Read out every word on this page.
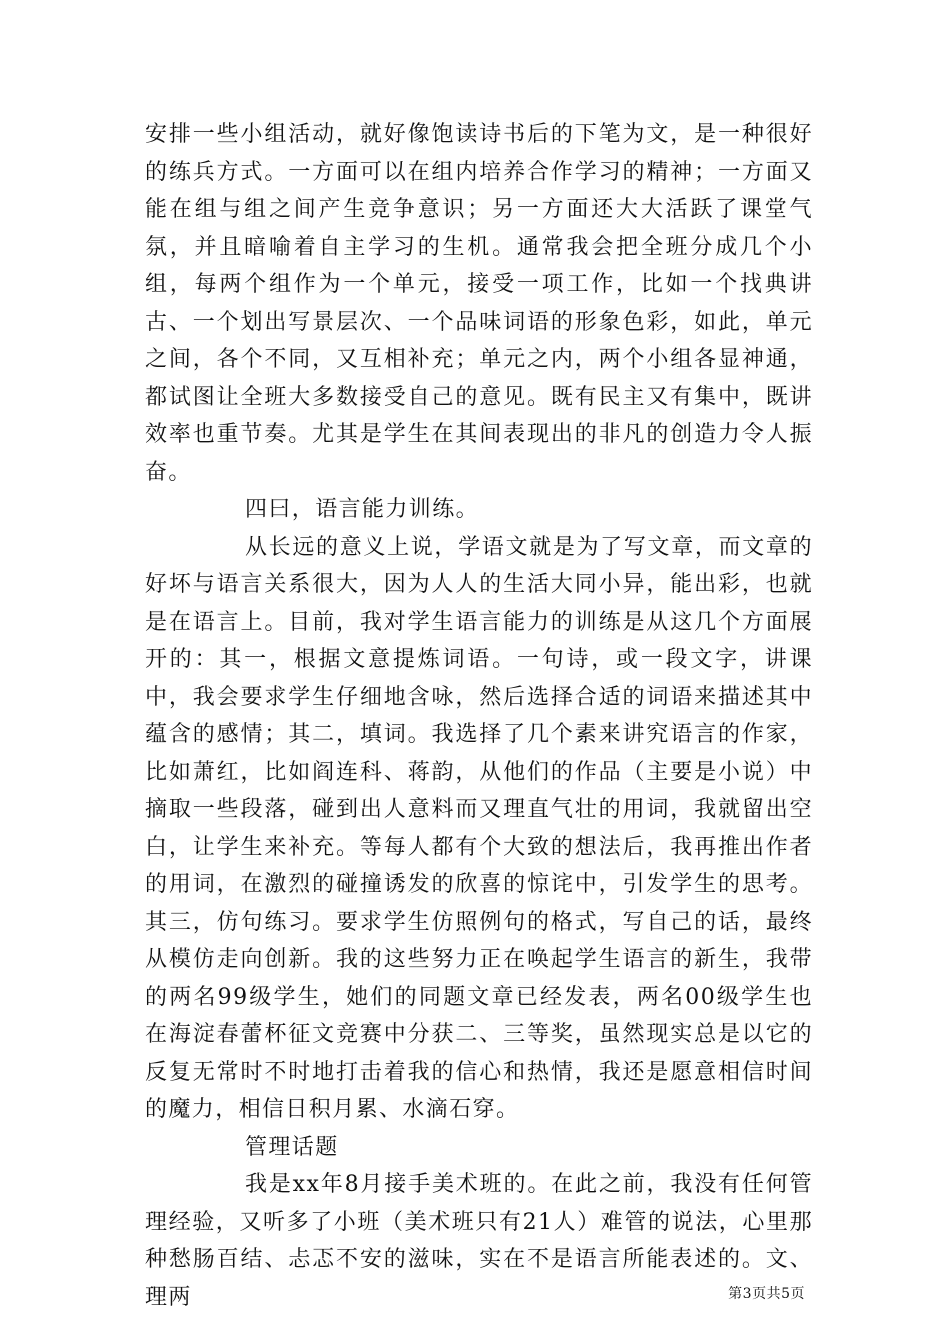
安排一些小组活动，就好像饱读诗书后的下笔为文，是一种很好的练兵方式。一方面可以在组内培养合作学习的精神；一方面又能在组与组之间产生竞争意识；另一方面还大大活跃了课堂气氛，并且暗喻着自主学习的生机。通常我会把全班分成几个小组，每两个组作为一个单元，接受一项工作，比如一个找典讲古、一个划出写景层次、一个品味词语的形象色彩，如此，单元之间，各个不同，又互相补充；单元之内，两个小组各显神通，都试图让全班大多数接受自己的意见。既有民主又有集中，既讲效率也重节奏。尤其是学生在其间表现出的非凡的创造力令人振奋。

四曰，语言能力训练。

从长远的意义上说，学语文就是为了写文章，而文章的好坏与语言关系很大，因为人人的生活大同小异，能出彩，也就是在语言上。目前，我对学生语言能力的训练是从这几个方面展开的：其一，根据文意提炼词语。一句诗，或一段文字，讲课中，我会要求学生仔细地含咏，然后选择合适的词语来描述其中蕴含的感情；其二，填词。我选择了几个素来讲究语言的作家，比如萧红，比如阎连科、蒋韵，从他们的作品（主要是小说）中摘取一些段落，碰到出人意料而又理直气壮的用词，我就留出空白，让学生来补充。等每人都有个大致的想法后，我再推出作者的用词，在激烈的碰撞诱发的欣喜的惊诧中，引发学生的思考。其三，仿句练习。要求学生仿照例句的格式，写自己的话，最终从模仿走向创新。我的这些努力正在唤起学生语言的新生，我带的两名99级学生，她们的同题文章已经发表，两名00级学生也在海淀春蕾杯征文竞赛中分获二、三等奖，虽然现实总是以它的反复无常时不时地打击着我的信心和热情，我还是愿意相信时间的魔力，相信日积月累、水滴石穿。

管理话题

我是xx年8月接手美术班的。在此之前，我没有任何管理经验，又听多了小班（美术班只有21人）难管的说法，心里那种愁肠百结、忐忑不安的滋味，实在不是语言所能表述的。文、理两	第3页共5页
